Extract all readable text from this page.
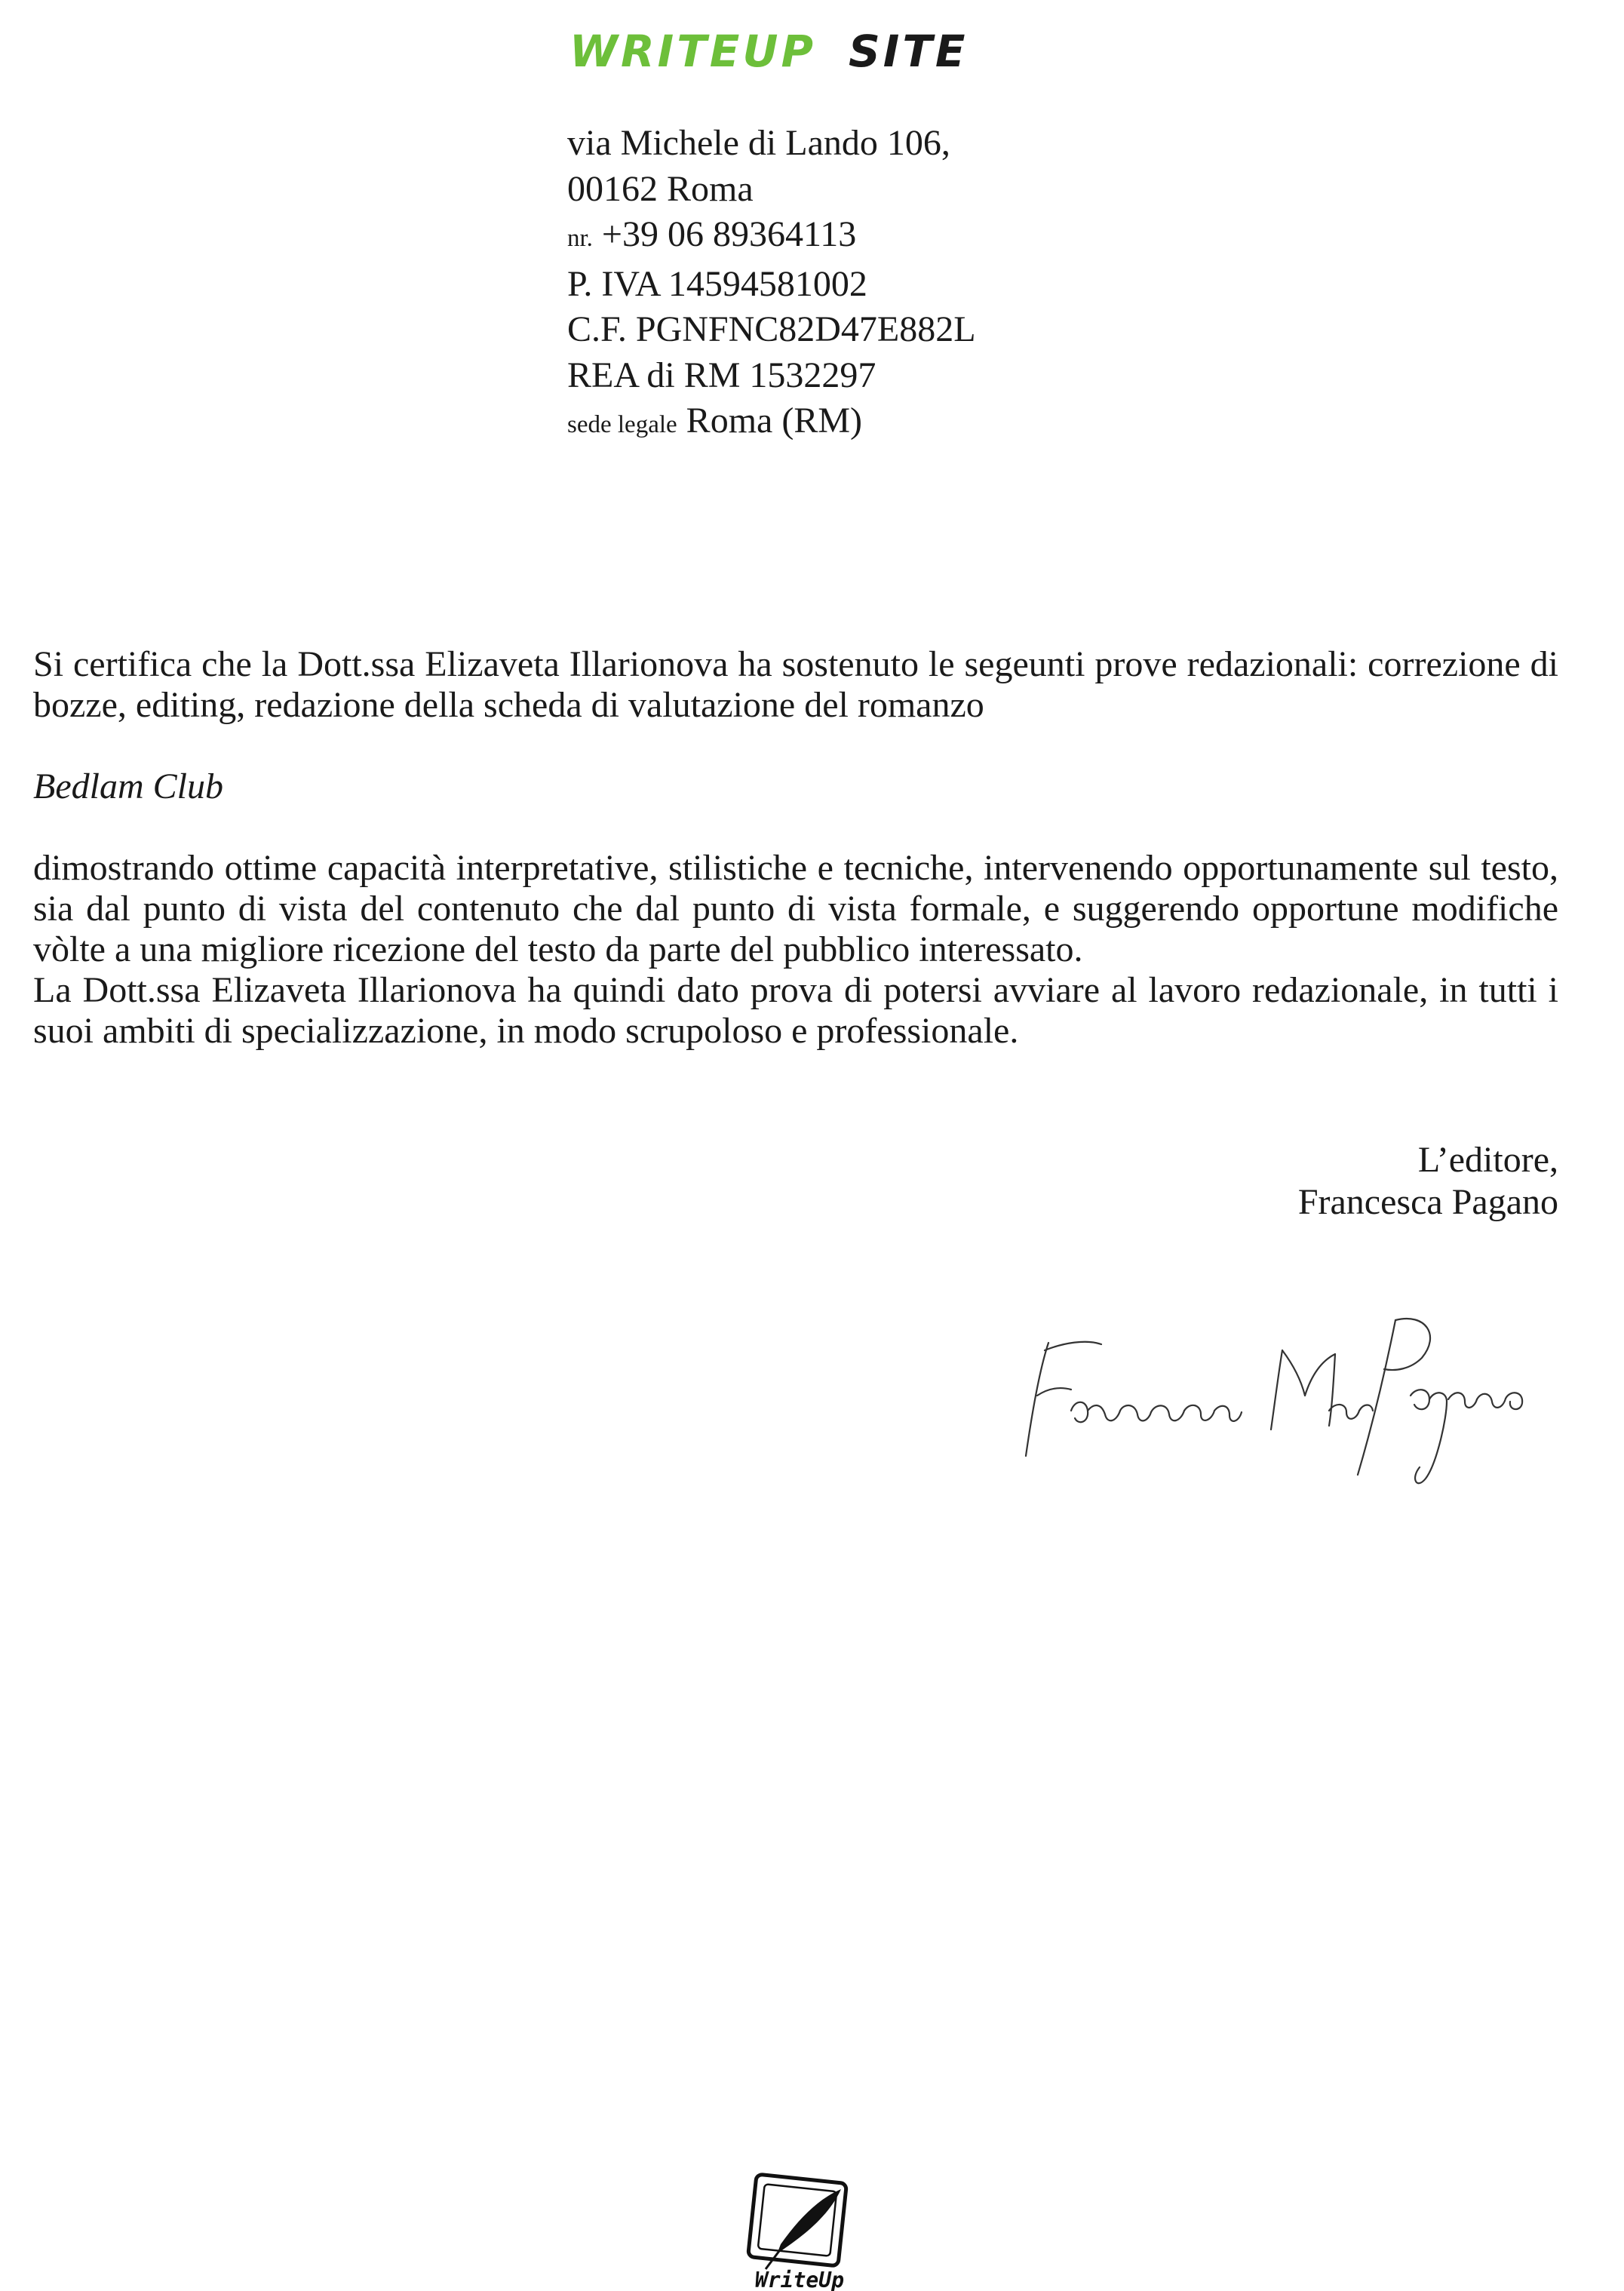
WRITEUP SITE
via Michele di Lando 106,
00162 Roma
nr. +39 06 89364113
P. IVA 14594581002
C.F. PGNFNC82D47E882L
REA di RM 1532297
sede legale Roma (RM)

Si certifica che la Dott.ssa Elizaveta Illarionova ha sostenuto le segeunti prove redazionali: correzione di bozze, editing, redazione della scheda di valutazione del romanzo

Bedlam Club

dimostrando ottime capacità interpretative, stilistiche e tecniche, intervenendo opportunamente sul testo, sia dal punto di vista del contenuto che dal punto di vista formale, e suggerendo opportune modifiche vòlte a una migliore ricezione del testo da parte del pubblico interessato.

La Dott.ssa Elizaveta Illarionova ha quindi dato prova di potersi avviare al lavoro redazionale, in tutti i suoi ambiti di specializzazione, in modo scrupoloso e professionale.

L’editore,
Francesca Pagano
WriteUp
